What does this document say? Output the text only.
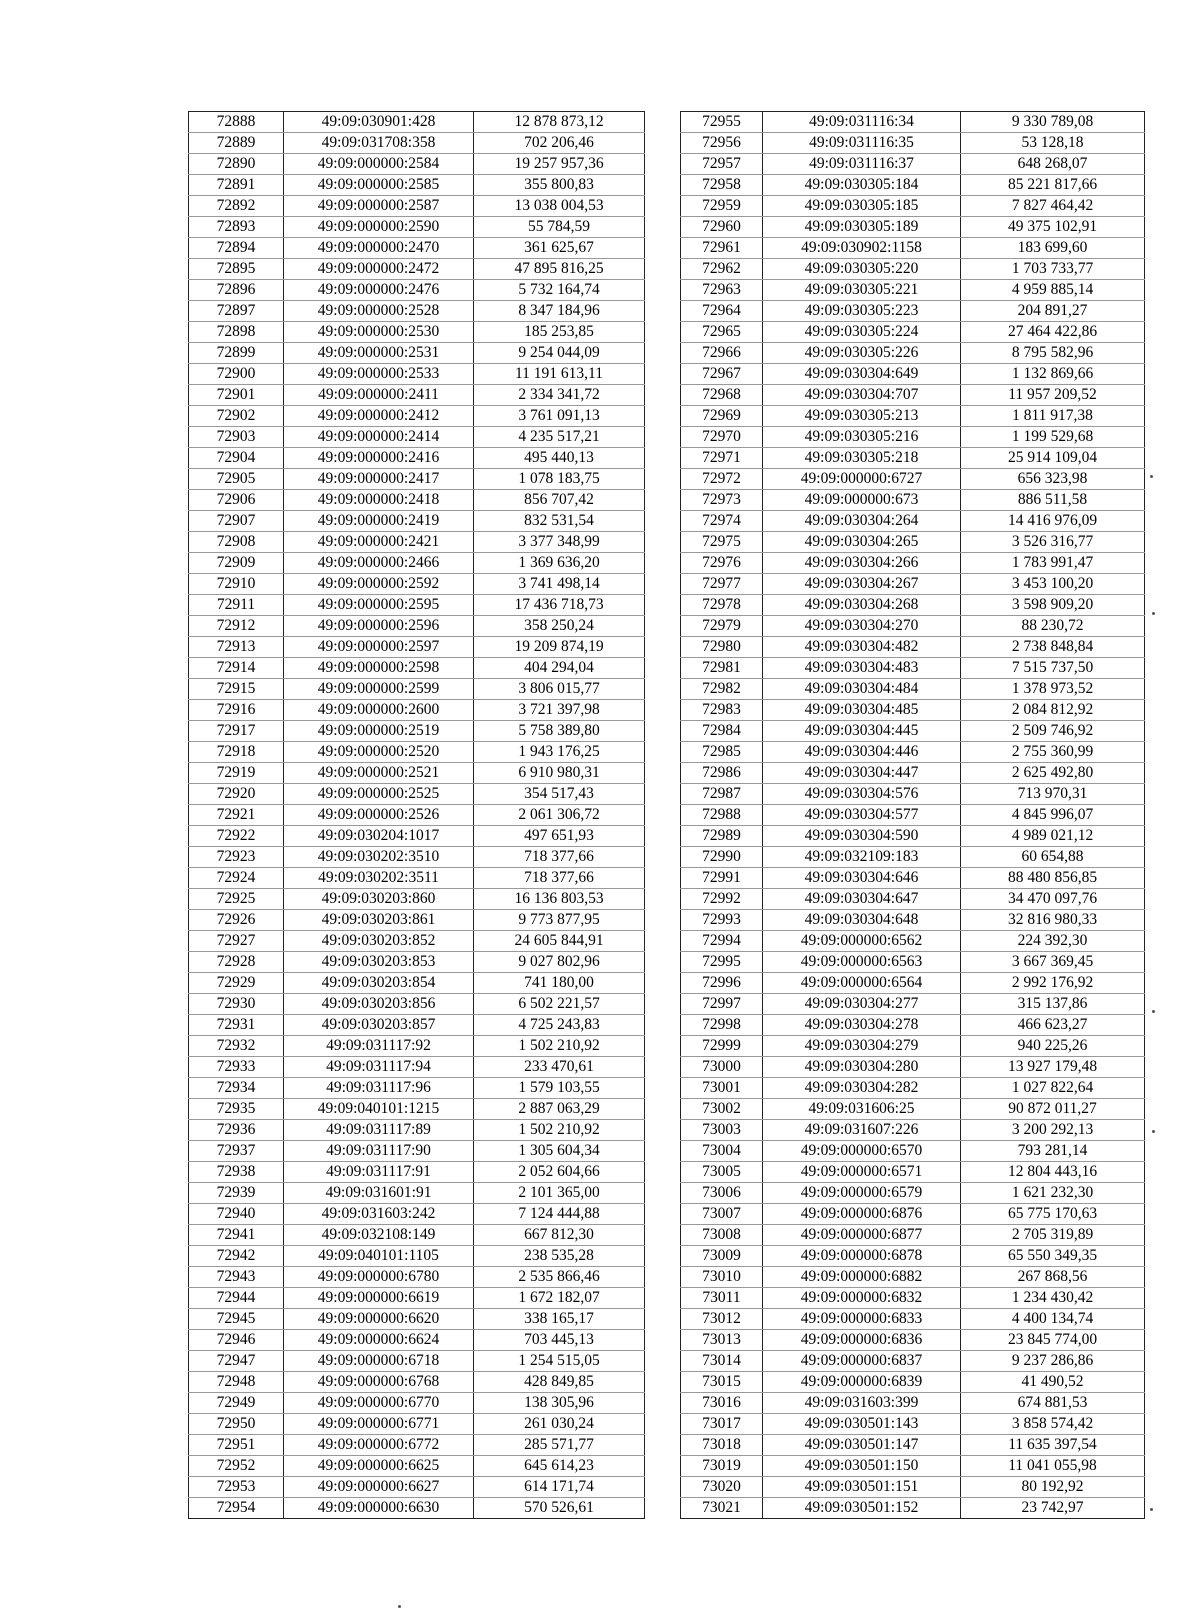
72888	49:09:030901:428	12 878 873,12
72889	49:09:031708:358	702 206,46
72890	49:09:000000:2584	19 257 957,36
72891	49:09:000000:2585	355 800,83
72892	49:09:000000:2587	13 038 004,53
72893	49:09:000000:2590	55 784,59
72894	49:09:000000:2470	361 625,67
72895	49:09:000000:2472	47 895 816,25
72896	49:09:000000:2476	5 732 164,74
72897	49:09:000000:2528	8 347 184,96
72898	49:09:000000:2530	185 253,85
72899	49:09:000000:2531	9 254 044,09
72900	49:09:000000:2533	11 191 613,11
72901	49:09:000000:2411	2 334 341,72
72902	49:09:000000:2412	3 761 091,13
72903	49:09:000000:2414	4 235 517,21
72904	49:09:000000:2416	495 440,13
72905	49:09:000000:2417	1 078 183,75
72906	49:09:000000:2418	856 707,42
72907	49:09:000000:2419	832 531,54
72908	49:09:000000:2421	3 377 348,99
72909	49:09:000000:2466	1 369 636,20
72910	49:09:000000:2592	3 741 498,14
72911	49:09:000000:2595	17 436 718,73
72912	49:09:000000:2596	358 250,24
72913	49:09:000000:2597	19 209 874,19
72914	49:09:000000:2598	404 294,04
72915	49:09:000000:2599	3 806 015,77
72916	49:09:000000:2600	3 721 397,98
72917	49:09:000000:2519	5 758 389,80
72918	49:09:000000:2520	1 943 176,25
72919	49:09:000000:2521	6 910 980,31
72920	49:09:000000:2525	354 517,43
72921	49:09:000000:2526	2 061 306,72
72922	49:09:030204:1017	497 651,93
72923	49:09:030202:3510	718 377,66
72924	49:09:030202:3511	718 377,66
72925	49:09:030203:860	16 136 803,53
72926	49:09:030203:861	9 773 877,95
72927	49:09:030203:852	24 605 844,91
72928	49:09:030203:853	9 027 802,96
72929	49:09:030203:854	741 180,00
72930	49:09:030203:856	6 502 221,57
72931	49:09:030203:857	4 725 243,83
72932	49:09:031117:92	1 502 210,92
72933	49:09:031117:94	233 470,61
72934	49:09:031117:96	1 579 103,55
72935	49:09:040101:1215	2 887 063,29
72936	49:09:031117:89	1 502 210,92
72937	49:09:031117:90	1 305 604,34
72938	49:09:031117:91	2 052 604,66
72939	49:09:031601:91	2 101 365,00
72940	49:09:031603:242	7 124 444,88
72941	49:09:032108:149	667 812,30
72942	49:09:040101:1105	238 535,28
72943	49:09:000000:6780	2 535 866,46
72944	49:09:000000:6619	1 672 182,07
72945	49:09:000000:6620	338 165,17
72946	49:09:000000:6624	703 445,13
72947	49:09:000000:6718	1 254 515,05
72948	49:09:000000:6768	428 849,85
72949	49:09:000000:6770	138 305,96
72950	49:09:000000:6771	261 030,24
72951	49:09:000000:6772	285 571,77
72952	49:09:000000:6625	645 614,23
72953	49:09:000000:6627	614 171,74
72954	49:09:000000:6630	570 526,61
72955	49:09:031116:34	9 330 789,08
72956	49:09:031116:35	53 128,18
72957	49:09:031116:37	648 268,07
72958	49:09:030305:184	85 221 817,66
72959	49:09:030305:185	7 827 464,42
72960	49:09:030305:189	49 375 102,91
72961	49:09:030902:1158	183 699,60
72962	49:09:030305:220	1 703 733,77
72963	49:09:030305:221	4 959 885,14
72964	49:09:030305:223	204 891,27
72965	49:09:030305:224	27 464 422,86
72966	49:09:030305:226	8 795 582,96
72967	49:09:030304:649	1 132 869,66
72968	49:09:030304:707	11 957 209,52
72969	49:09:030305:213	1 811 917,38
72970	49:09:030305:216	1 199 529,68
72971	49:09:030305:218	25 914 109,04
72972	49:09:000000:6727	656 323,98
72973	49:09:000000:673	886 511,58
72974	49:09:030304:264	14 416 976,09
72975	49:09:030304:265	3 526 316,77
72976	49:09:030304:266	1 783 991,47
72977	49:09:030304:267	3 453 100,20
72978	49:09:030304:268	3 598 909,20
72979	49:09:030304:270	88 230,72
72980	49:09:030304:482	2 738 848,84
72981	49:09:030304:483	7 515 737,50
72982	49:09:030304:484	1 378 973,52
72983	49:09:030304:485	2 084 812,92
72984	49:09:030304:445	2 509 746,92
72985	49:09:030304:446	2 755 360,99
72986	49:09:030304:447	2 625 492,80
72987	49:09:030304:576	713 970,31
72988	49:09:030304:577	4 845 996,07
72989	49:09:030304:590	4 989 021,12
72990	49:09:032109:183	60 654,88
72991	49:09:030304:646	88 480 856,85
72992	49:09:030304:647	34 470 097,76
72993	49:09:030304:648	32 816 980,33
72994	49:09:000000:6562	224 392,30
72995	49:09:000000:6563	3 667 369,45
72996	49:09:000000:6564	2 992 176,92
72997	49:09:030304:277	315 137,86
72998	49:09:030304:278	466 623,27
72999	49:09:030304:279	940 225,26
73000	49:09:030304:280	13 927 179,48
73001	49:09:030304:282	1 027 822,64
73002	49:09:031606:25	90 872 011,27
73003	49:09:031607:226	3 200 292,13
73004	49:09:000000:6570	793 281,14
73005	49:09:000000:6571	12 804 443,16
73006	49:09:000000:6579	1 621 232,30
73007	49:09:000000:6876	65 775 170,63
73008	49:09:000000:6877	2 705 319,89
73009	49:09:000000:6878	65 550 349,35
73010	49:09:000000:6882	267 868,56
73011	49:09:000000:6832	1 234 430,42
73012	49:09:000000:6833	4 400 134,74
73013	49:09:000000:6836	23 845 774,00
73014	49:09:000000:6837	9 237 286,86
73015	49:09:000000:6839	41 490,52
73016	49:09:031603:399	674 881,53
73017	49:09:030501:143	3 858 574,42
73018	49:09:030501:147	11 635 397,54
73019	49:09:030501:150	11 041 055,98
73020	49:09:030501:151	80 192,92
73021	49:09:030501:152	23 742,97
